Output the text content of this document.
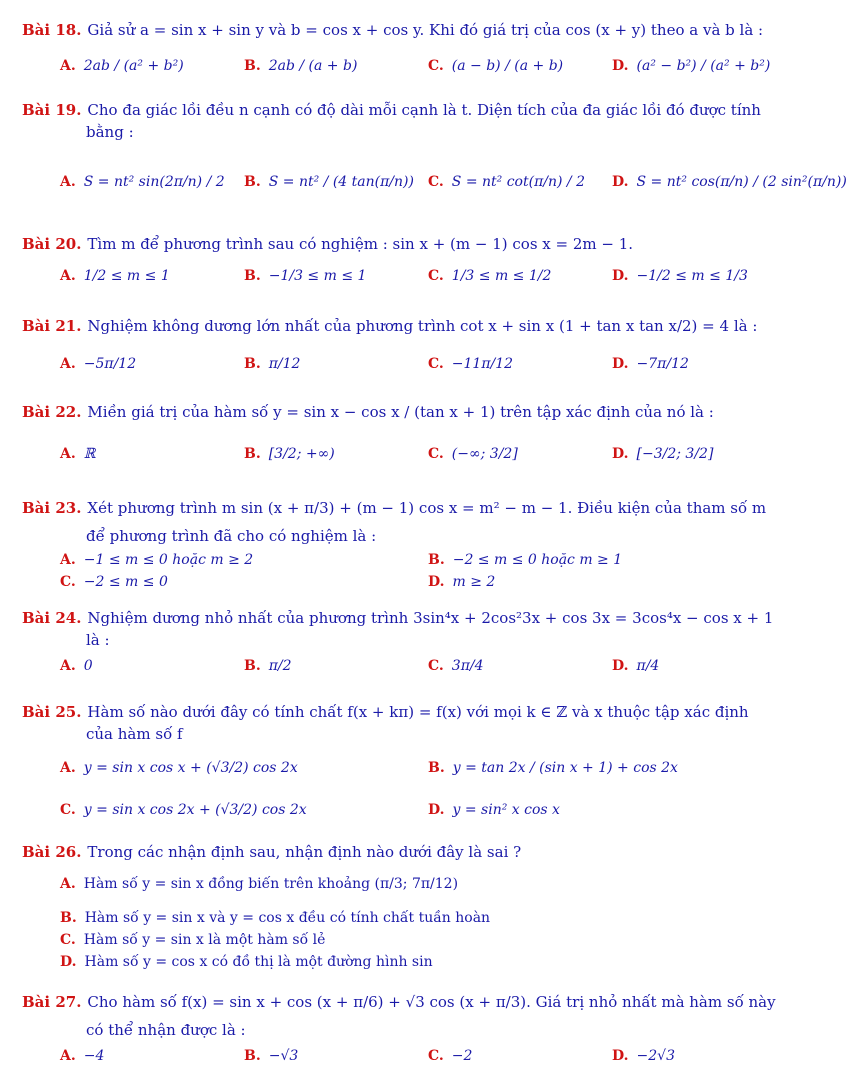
Bài 18. Giả sử a = sin x + sin y và b = cos x + cos y. Khi đó giá trị của cos (x + y) theo a và b là :
A. 2ab / (a² + b²)	B. 2ab / (a + b)	C. (a − b) / (a + b)	D. (a² − b²) / (a² + b²)
Bài 19. Cho đa giác lồi đều n cạnh có độ dài mỗi cạnh là t. Diện tích của đa giác lồi đó được tính
bằng :
A. S = nt² sin(2π/n) / 2 B. S = nt² / (4 tan(π/n)) C. S = nt² cot(π/n) / 2 D. S = nt² cos(π/n) / (2 sin²(π/n))
Bài 20. Tìm m để phương trình sau có nghiệm : sin x + (m − 1) cos x = 2m − 1.
A. 1/2 ≤ m ≤ 1	B. −1/3 ≤ m ≤ 1	C. 1/3 ≤ m ≤ 1/2	D. −1/2 ≤ m ≤ 1/3
Bài 21. Nghiệm không dương lớn nhất của phương trình cot x + sin x (1 + tan x tan x/2) = 4 là :
A. −5π/12	B. π/12	C. −11π/12	D. −7π/12
Bài 22. Miền giá trị của hàm số y = sin x − cos x / (tan x + 1) trên tập xác định của nó là :
A. ℝ	B. [3/2; +∞)	C. (−∞; 3/2]	D. [−3/2; 3/2]
Bài 23. Xét phương trình m sin (x + π/3) + (m − 1) cos x = m² − m − 1. Điều kiện của tham số m
để phương trình đã cho có nghiệm là :
A. −1 ≤ m ≤ 0 hoặc m ≥ 2	B. −2 ≤ m ≤ 0 hoặc m ≥ 1
C. −2 ≤ m ≤ 0	D. m ≥ 2
Bài 24. Nghiệm dương nhỏ nhất của phương trình 3sin⁴x + 2cos²3x + cos 3x = 3cos⁴x − cos x + 1
là :
A. 0	B. π/2	C. 3π/4	D. π/4
Bài 25. Hàm số nào dưới đây có tính chất f(x + kπ) = f(x) với mọi k ∈ ℤ và x thuộc tập xác định
của hàm số f
A. y = sin x cos x + (√3/2) cos 2x	B. y = tan 2x / (sin x + 1) + cos 2x
C. y = sin x cos 2x + (√3/2) cos 2x	D. y = sin² x cos x
Bài 26. Trong các nhận định sau, nhận định nào dưới đây là sai ?
A. Hàm số y = sin x đồng biến trên khoảng (π/3; 7π/12)
B. Hàm số y = sin x và y = cos x đều có tính chất tuần hoàn
C. Hàm số y = sin x là một hàm số lẻ
D. Hàm số y = cos x có đồ thị là một đường hình sin
Bài 27. Cho hàm số f(x) = sin x + cos (x + π/6) + √3 cos (x + π/3). Giá trị nhỏ nhất mà hàm số này
có thể nhận được là :
A. −4	B. −√3	C. −2	D. −2√3
